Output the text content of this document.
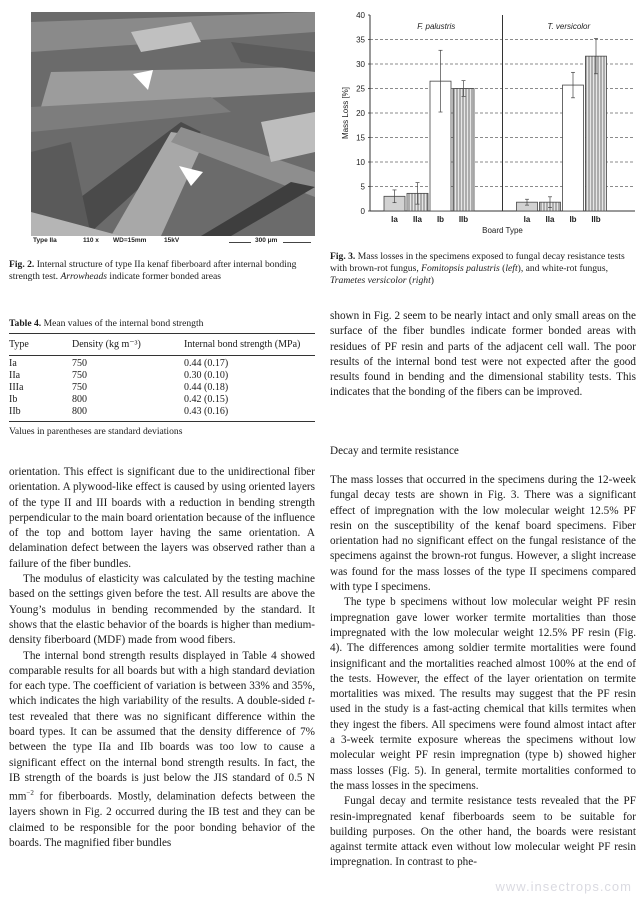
Type IIa	110 x WD=15mm	15kV	300 μm
Fig. 2. Internal structure of type IIa kenaf fiberboard after internal bonding strength test. Arrowheads indicate former bonded areas
0
5
10
15
20
25
30
35
40
Mass Loss [%]
Board Type
F. palustris
Ia IIa Ib IIb
T. versicolor
Ia IIa Ib IIb
Fig. 3. Mass losses in the specimens exposed to fungal decay resistance tests with brown-rot fungus, Fomitopsis palustris (left), and white-rot fungus, Trametes versicolor (right)
Table 4. Mean values of the internal bond strength
Type	Density (kg m⁻³)	Internal bond strength (MPa)
Ia	750	0.44 (0.17)
IIa	750	0.30 (0.10)
IIIa	750	0.44 (0.18)
Ib	800	0.42 (0.15)
IIb	800	0.43 (0.16)
Values in parentheses are standard deviations

orientation. This effect is significant due to the unidirectional fiber orientation. A plywood-like effect is caused by using oriented layers of the type II and III boards with a reduction in bending strength perpendicular to the main board orientation because of the influence of the top and bottom layer having the same orientation. A delamination defect between the layers was observed rather than a failure of the fiber bundles.

The modulus of elasticity was calculated by the testing machine based on the settings given before the test. All results are above the Young’s modulus in bending recommended by the standard. It shows that the elastic behavior of the boards is higher than medium-density fiberboard (MDF) made from wood fibers.

The internal bond strength results displayed in Table 4 showed comparable results for all boards but with a high standard deviation for each type. The coefficient of variation is between 33% and 35%, which indicates the high variability of the results. A double-sided t-test revealed that there was no significant difference within the board types. It can be assumed that the density difference of 7% between the type IIa and IIb boards was too low to cause a significant effect on the internal bond strength results. In fact, the IB strength of the boards is just below the JIS standard of 0.5 N $mm^{-2}$ for fiberboards. Mostly, delamination defects between the layers shown in Fig. 2 occurred during the IB test and they can be claimed to be responsible for the poor bonding behavior of the boards. The magnified fiber bundles

shown in Fig. 2 seem to be nearly intact and only small areas on the surface of the fiber bundles indicate former bonded areas with residues of PF resin and parts of the adjacent cell wall. The poor results of the internal bond test were not expected after the good results found in bending and the dimensional stability tests. This indicates that the bonding of the fibers can be improved.

Decay and termite resistance

The mass losses that occurred in the specimens during the 12-week fungal decay tests are shown in Fig. 3. There was a significant effect of impregnation with the low molecular weight 12.5% PF resin on the susceptibility of the kenaf board specimens. Fiber orientation had no significant effect on the fungal resistance of the specimens against the brown-rot fungus. However, a slight increase was found for the mass losses of the type II specimens compared with type I specimens.

The type b specimens without low molecular weight PF resin impregnation gave lower worker termite mortalities than those impregnated with the low molecular weight 12.5% PF resin (Fig. 4). The differences among soldier termite mortalities were found insignificant and the mortalities reached almost 100% at the end of the tests. However, the effect of the layer orientation on termite mortalities was mixed. The results may suggest that the PF resin used in the study is a fast-acting chemical that kills termites when they ingest the fibers. All specimens were found almost intact after a 3-week termite exposure whereas the specimens without low molecular weight PF resin impregnation (type b) showed higher mass losses (Fig. 5). In general, termite mortalities conformed to the mass losses in the specimens.

Fungal decay and termite resistance tests revealed that the PF resin-impregnated kenaf fiberboards seem to be suitable for building purposes. On the other hand, the boards were resistant against termite attack even without low molecular weight PF resin impregnation. In contrast to phe-

www.insectrops.com
